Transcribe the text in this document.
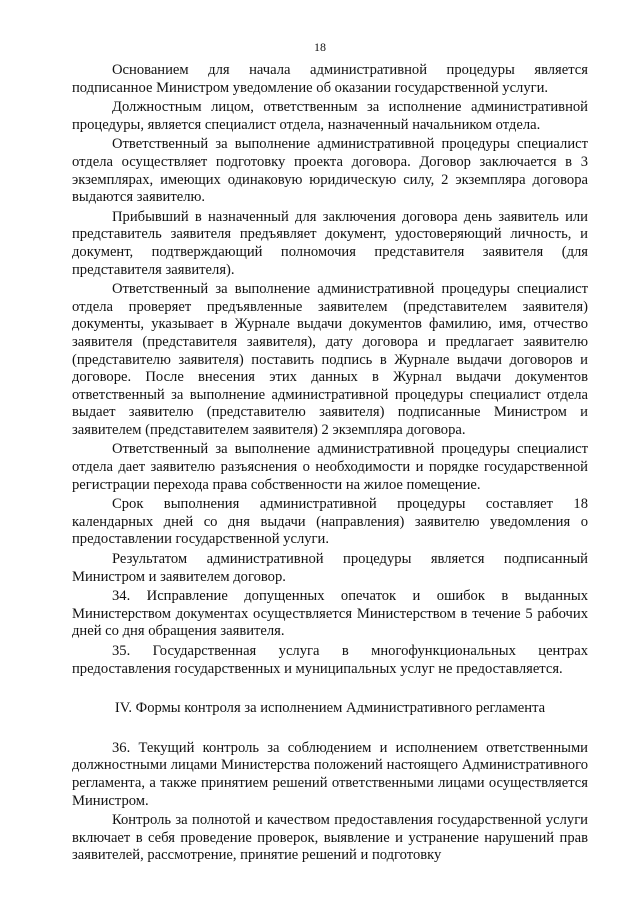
18

Основанием для начала административной процедуры является подписанное Министром уведомление об оказании государственной услуги.

Должностным лицом, ответственным за исполнение административной процедуры, является специалист отдела, назначенный начальником отдела.

Ответственный за выполнение административной процедуры специалист отдела осуществляет подготовку проекта договора. Договор заключается в 3 экземплярах, имеющих одинаковую юридическую силу, 2 экземпляра договора выдаются заявителю.

Прибывший в назначенный для заключения договора день заявитель или представитель заявителя предъявляет документ, удостоверяющий личность, и документ, подтверждающий полномочия представителя заявителя (для представителя заявителя).

Ответственный за выполнение административной процедуры специалист отдела проверяет предъявленные заявителем (представителем заявителя) документы, указывает в Журнале выдачи документов фамилию, имя, отчество заявителя (представителя заявителя), дату договора и предлагает заявителю (представителю заявителя) поставить подпись в Журнале выдачи договоров и договоре. После внесения этих данных в Журнал выдачи документов ответственный за выполнение административной процедуры специалист отдела выдает заявителю (представителю заявителя) подписанные Министром и заявителем (представителем заявителя) 2 экземпляра договора.

Ответственный за выполнение административной процедуры специалист отдела дает заявителю разъяснения о необходимости и порядке государственной регистрации перехода права собственности на жилое помещение.

Срок выполнения административной процедуры составляет 18 календарных дней со дня выдачи (направления) заявителю уведомления о предоставлении государственной услуги.

Результатом административной процедуры является подписанный Министром и заявителем договор.

34. Исправление допущенных опечаток и ошибок в выданных Министерством документах осуществляется Министерством в течение 5 рабочих дней со дня обращения заявителя.

35. Государственная услуга в многофункциональных центрах предоставления государственных и муниципальных услуг не предоставляется.

IV. Формы контроля за исполнением Административного регламента

36. Текущий контроль за соблюдением и исполнением ответственными должностными лицами Министерства положений настоящего Административного регламента, а также принятием решений ответственными лицами осуществляется Министром.

Контроль за полнотой и качеством предоставления государственной услуги включает в себя проведение проверок, выявление и устранение нарушений прав заявителей, рассмотрение, принятие решений и подготовку
